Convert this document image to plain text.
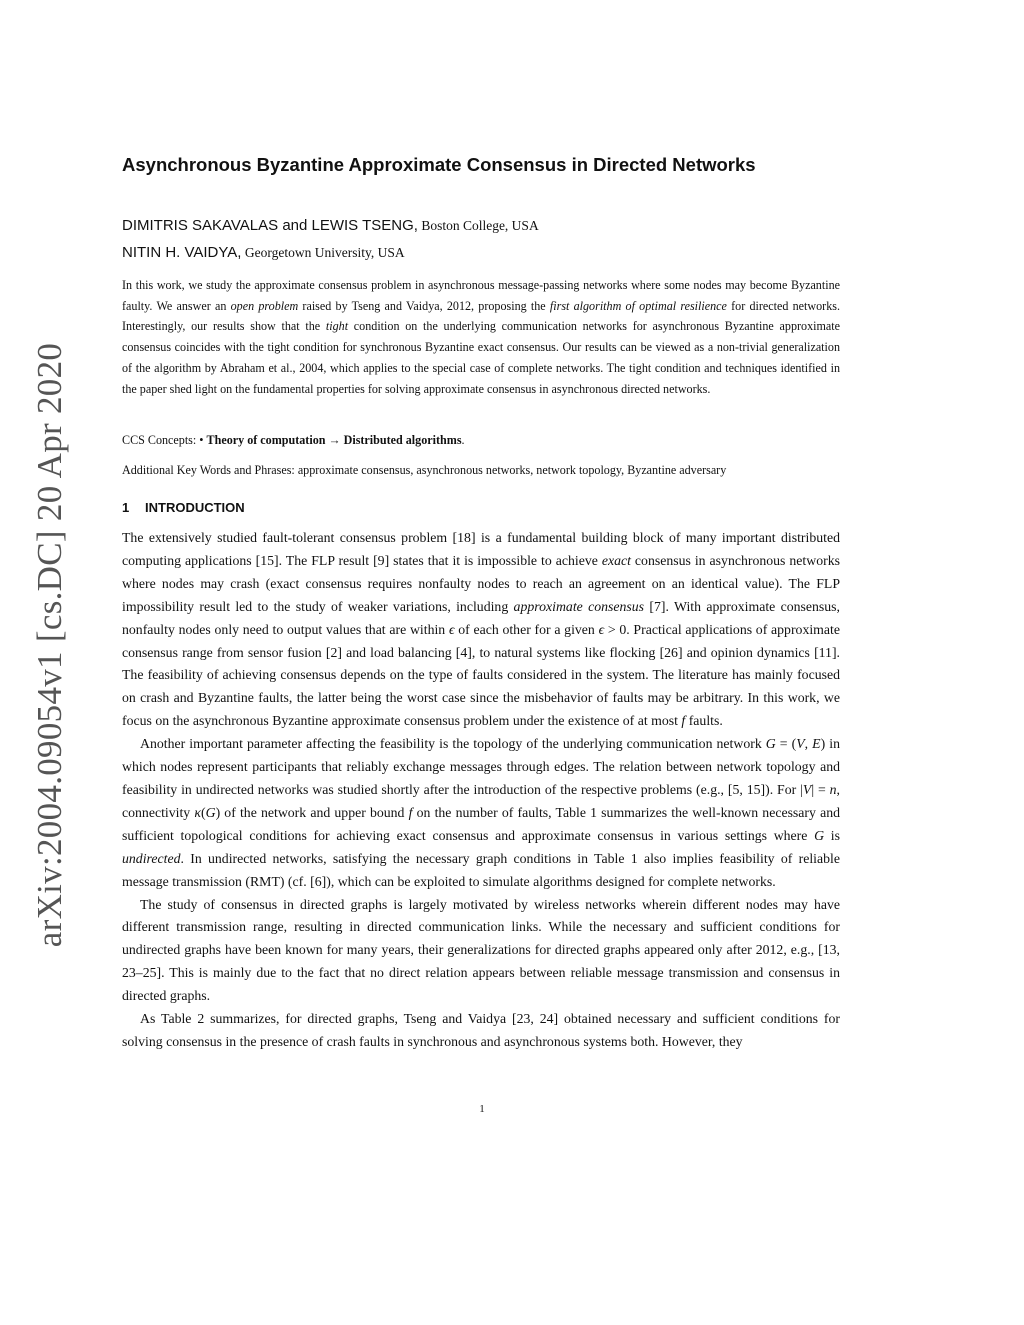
arXiv:2004.09054v1 [cs.DC] 20 Apr 2020
Asynchronous Byzantine Approximate Consensus in Directed Networks
DIMITRIS SAKAVALAS and LEWIS TSENG, Boston College, USA
NITIN H. VAIDYA, Georgetown University, USA

In this work, we study the approximate consensus problem in asynchronous message-passing networks where some nodes may become Byzantine faulty. We answer an open problem raised by Tseng and Vaidya, 2012, proposing the first algorithm of optimal resilience for directed networks. Interestingly, our results show that the tight condition on the underlying communication networks for asynchronous Byzantine approximate consensus coincides with the tight condition for synchronous Byzantine exact consensus. Our results can be viewed as a non-trivial generalization of the algorithm by Abraham et al., 2004, which applies to the special case of complete networks. The tight condition and techniques identified in the paper shed light on the fundamental properties for solving approximate consensus in asynchronous directed networks.

CCS Concepts: • Theory of computation → Distributed algorithms.

Additional Key Words and Phrases: approximate consensus, asynchronous networks, network topology, Byzantine adversary

1 INTRODUCTION

The extensively studied fault-tolerant consensus problem [18] is a fundamental building block of many important distributed computing applications [15]. The FLP result [9] states that it is impossible to achieve exact consensus in asynchronous networks where nodes may crash (exact consensus requires nonfaulty nodes to reach an agreement on an identical value). The FLP impossibility result led to the study of weaker variations, including approximate consensus [7]. With approximate consensus, nonfaulty nodes only need to output values that are within ϵ of each other for a given ϵ > 0. Practical applications of approximate consensus range from sensor fusion [2] and load balancing [4], to natural systems like flocking [26] and opinion dynamics [11]. The feasibility of achieving consensus depends on the type of faults considered in the system. The literature has mainly focused on crash and Byzantine faults, the latter being the worst case since the misbehavior of faults may be arbitrary. In this work, we focus on the asynchronous Byzantine approximate consensus problem under the existence of at most f faults.

Another important parameter affecting the feasibility is the topology of the underlying communication network G = (V, E) in which nodes represent participants that reliably exchange messages through edges. The relation between network topology and feasibility in undirected networks was studied shortly after the introduction of the respective problems (e.g., [5, 15]). For |V| = n, connectivity κ(G) of the network and upper bound f on the number of faults, Table 1 summarizes the well-known necessary and sufficient topological conditions for achieving exact consensus and approximate consensus in various settings where G is undirected. In undirected networks, satisfying the necessary graph conditions in Table 1 also implies feasibility of reliable message transmission (RMT) (cf. [6]), which can be exploited to simulate algorithms designed for complete networks.

The study of consensus in directed graphs is largely motivated by wireless networks wherein different nodes may have different transmission range, resulting in directed communication links. While the necessary and sufficient conditions for undirected graphs have been known for many years, their generalizations for directed graphs appeared only after 2012, e.g., [13, 23–25]. This is mainly due to the fact that no direct relation appears between reliable message transmission and consensus in directed graphs.

As Table 2 summarizes, for directed graphs, Tseng and Vaidya [23, 24] obtained necessary and sufficient conditions for solving consensus in the presence of crash faults in synchronous and asynchronous systems both. However, they

1
